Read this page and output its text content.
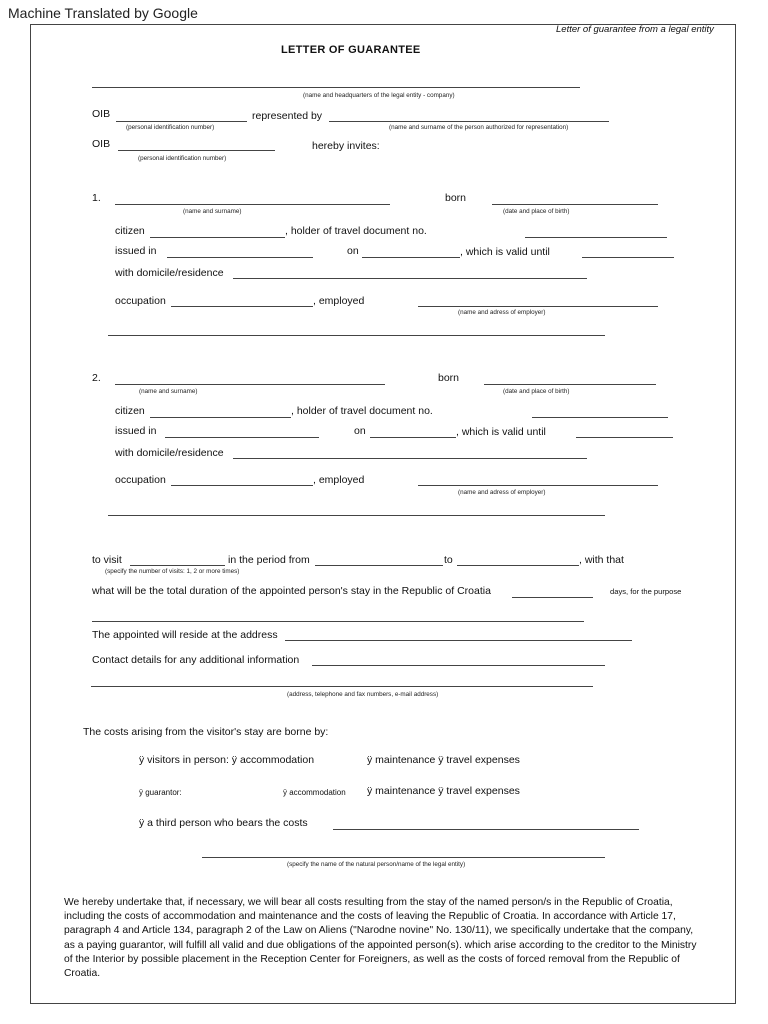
Machine Translated by Google
Letter of guarantee from a legal entity
LETTER OF GUARANTEE
(name and headquarters of the legal entity - company)
OIB	represented by
(personal identification number)	(name and surname of the person authorized for representation)
OIB	hereby invites:
(personal identification number)
1.	born
(name and surname)	(date and place of birth)
citizen	, holder of travel document no.
issued in	on	, which is valid until
with domicile/residence
occupation	, employed
(name and adress of employer)
2.	born
(name and surname)	(date and place of birth)
citizen	, holder of travel document no.
issued in	on	, which is valid until
with domicile/residence
occupation	, employed
(name and adress of employer)
to visit	in the period from	to	, with that
(specify the number of visits: 1, 2 or more times)
what will be the total duration of the appointed person's stay in the Republic of Croatia	days, for the purpose
The appointed will reside at the address
Contact details for any additional information
(address, telephone and fax numbers, e-mail address)
The costs arising from the visitor's stay are borne by:
ÿ visitors in person: ÿ accommodation	ÿ maintenance ÿ travel expenses
ÿ guarantor:	ÿ accommodation ÿ maintenance ÿ travel expenses
ÿ a third person who bears the costs
(specify the name of the natural person/name of the legal entity)
We hereby undertake that, if necessary, we will bear all costs resulting from the stay of the named person/s in the Republic of Croatia, including the costs of accommodation and maintenance and the costs of leaving the Republic of Croatia. In accordance with Article 17, paragraph 4 and Article 134, paragraph 2 of the Law on Aliens ("Narodne novine" No. 130/11), we specifically undertake that the company, as a paying guarantor, will fulfill all valid and due obligations of the appointed person(s). which arise according to the creditor to the Ministry of the Interior by possible placement in the Reception Center for Foreigners, as well as the costs of forced removal from the Republic of Croatia.
